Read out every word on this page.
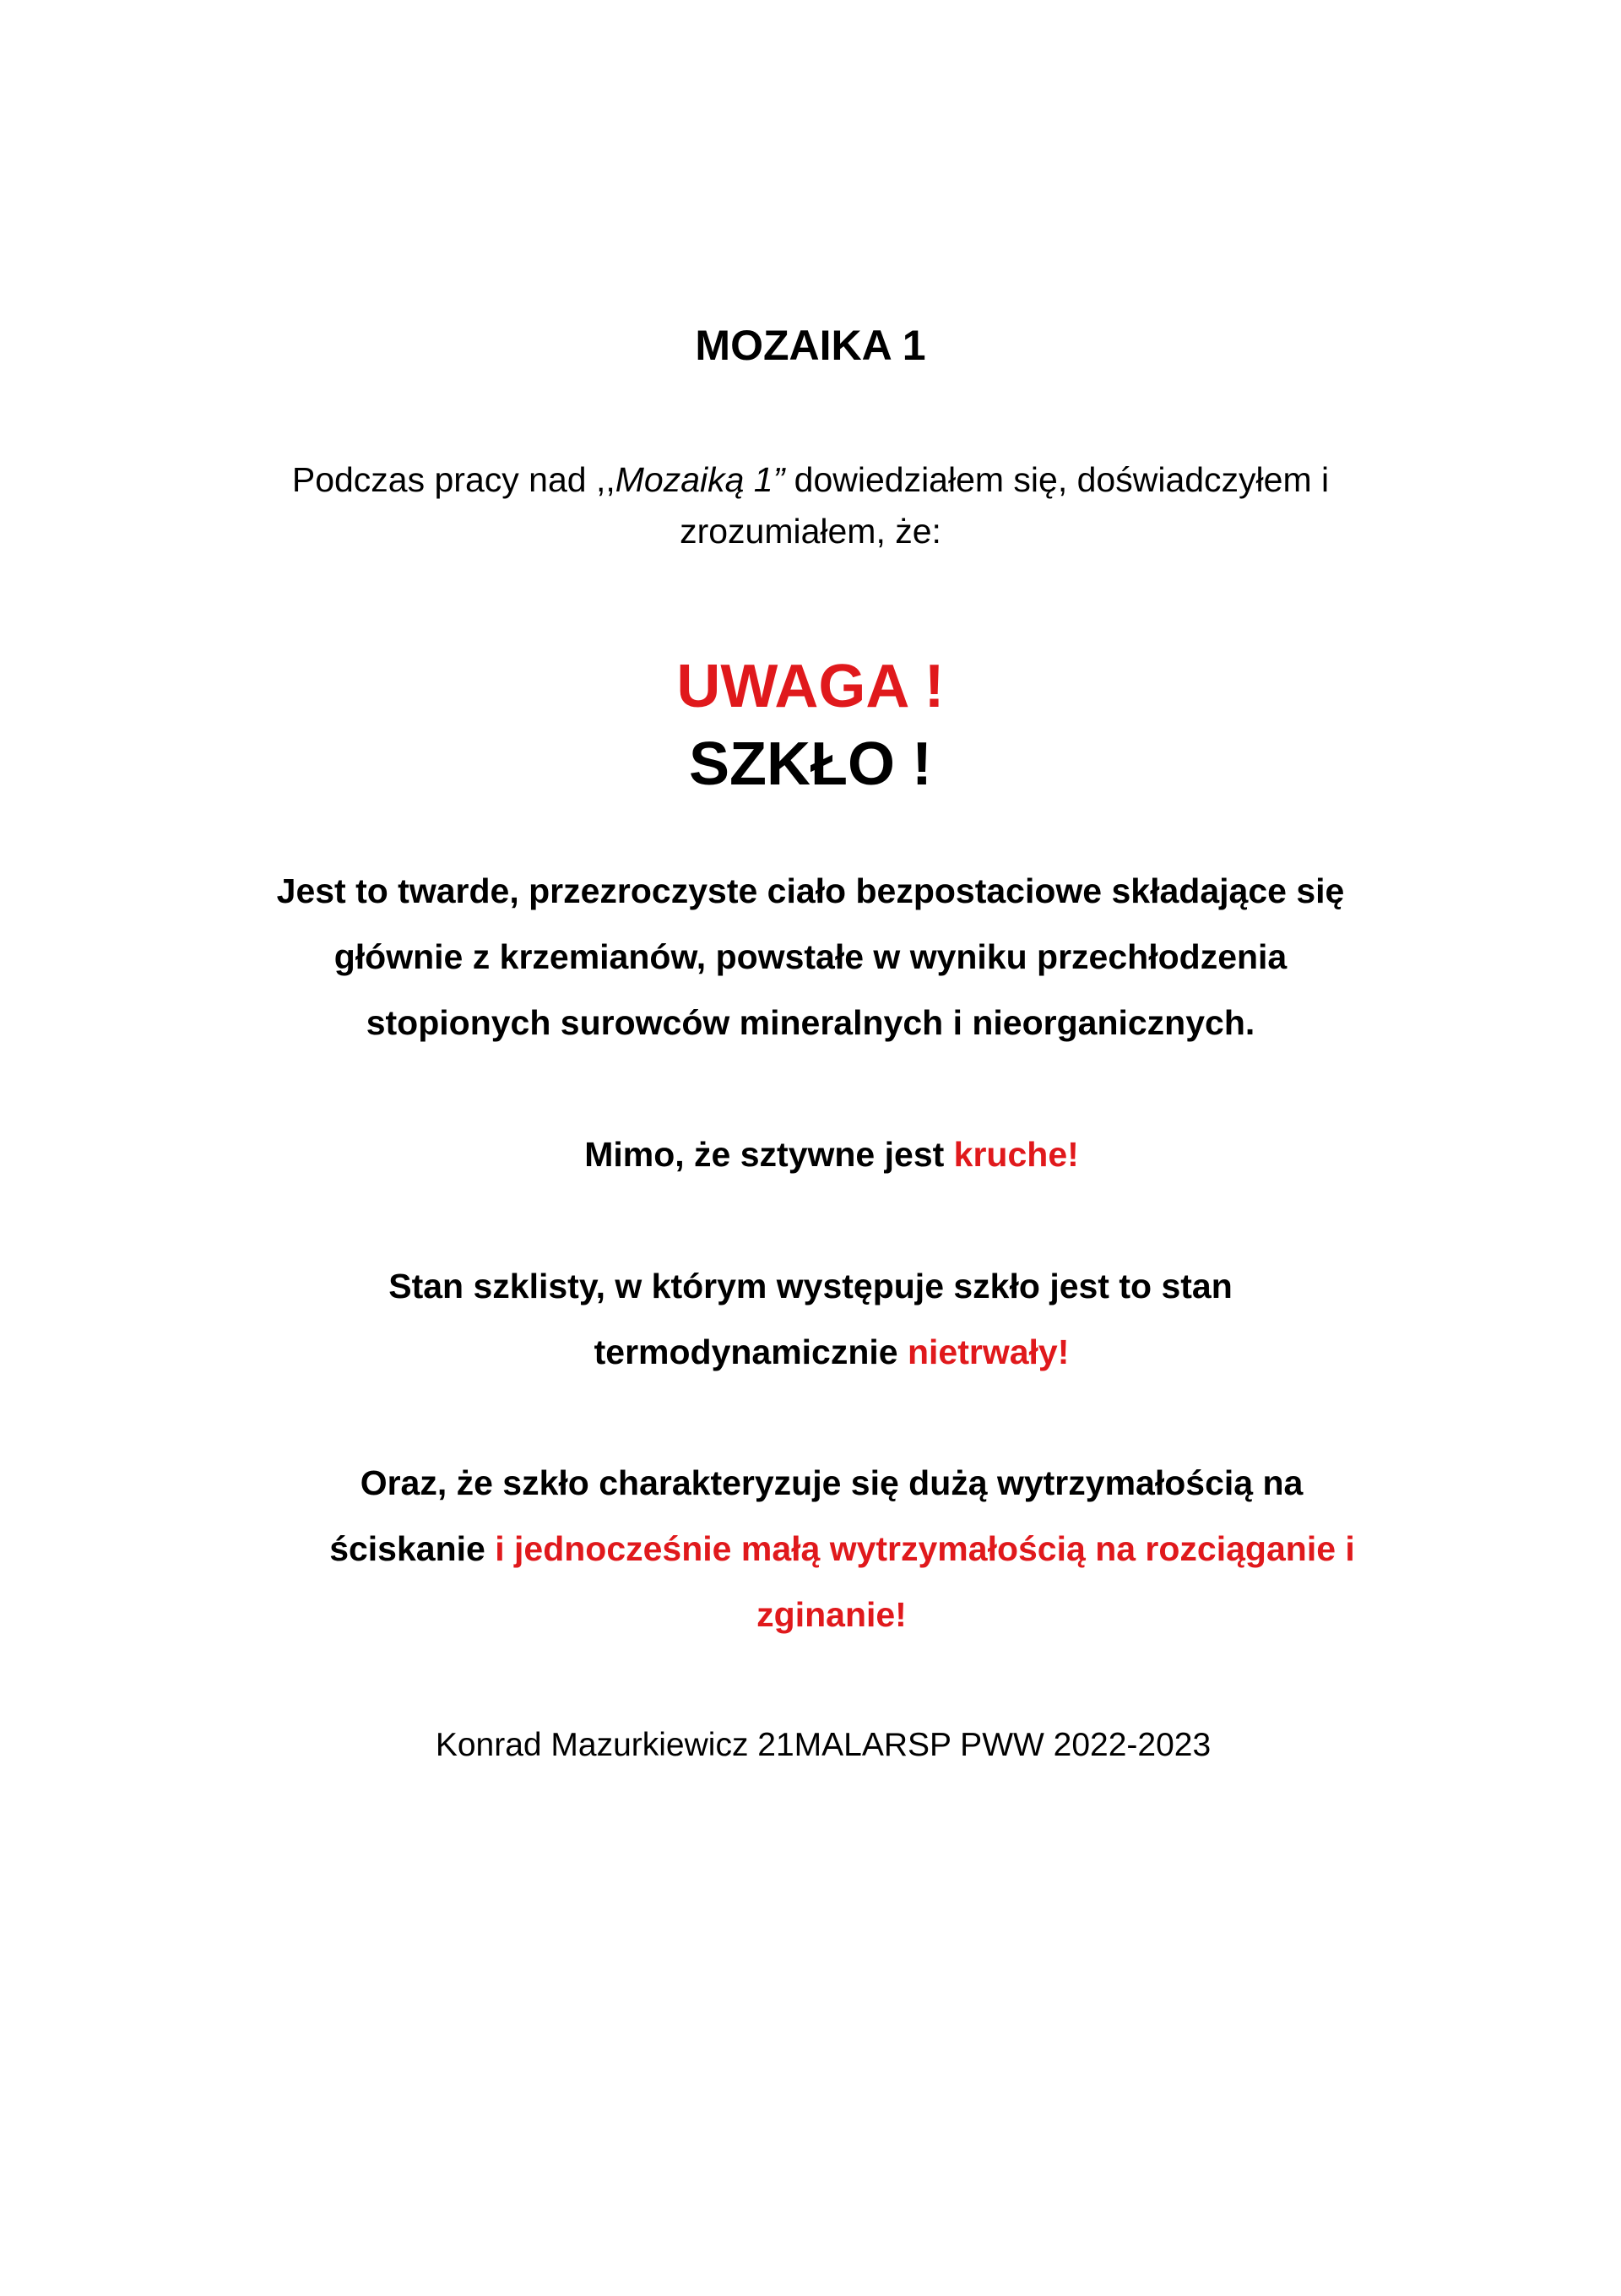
MOZAIKA 1

Podczas pracy nad ,,Mozaiką 1” dowiedziałem się, doświadczyłem i

zrozumiałem, że:

UWAGA !

SZKŁO !

Jest to twarde, przezroczyste ciało bezpostaciowe składające się

głównie z krzemianów, powstałe w wyniku przechłodzenia

stopionych surowców mineralnych i nieorganicznych.

Mimo, że sztywne jest kruche!

Stan szklisty, w którym występuje szkło jest to stan

termodynamicznie nietrwały!

Oraz, że szkło charakteryzuje się dużą wytrzymałością na

ściskanie i jednocześnie małą wytrzymałością na rozciąganie i

zginanie!

Konrad Mazurkiewicz 21MALARSP PWW 2022-2023
